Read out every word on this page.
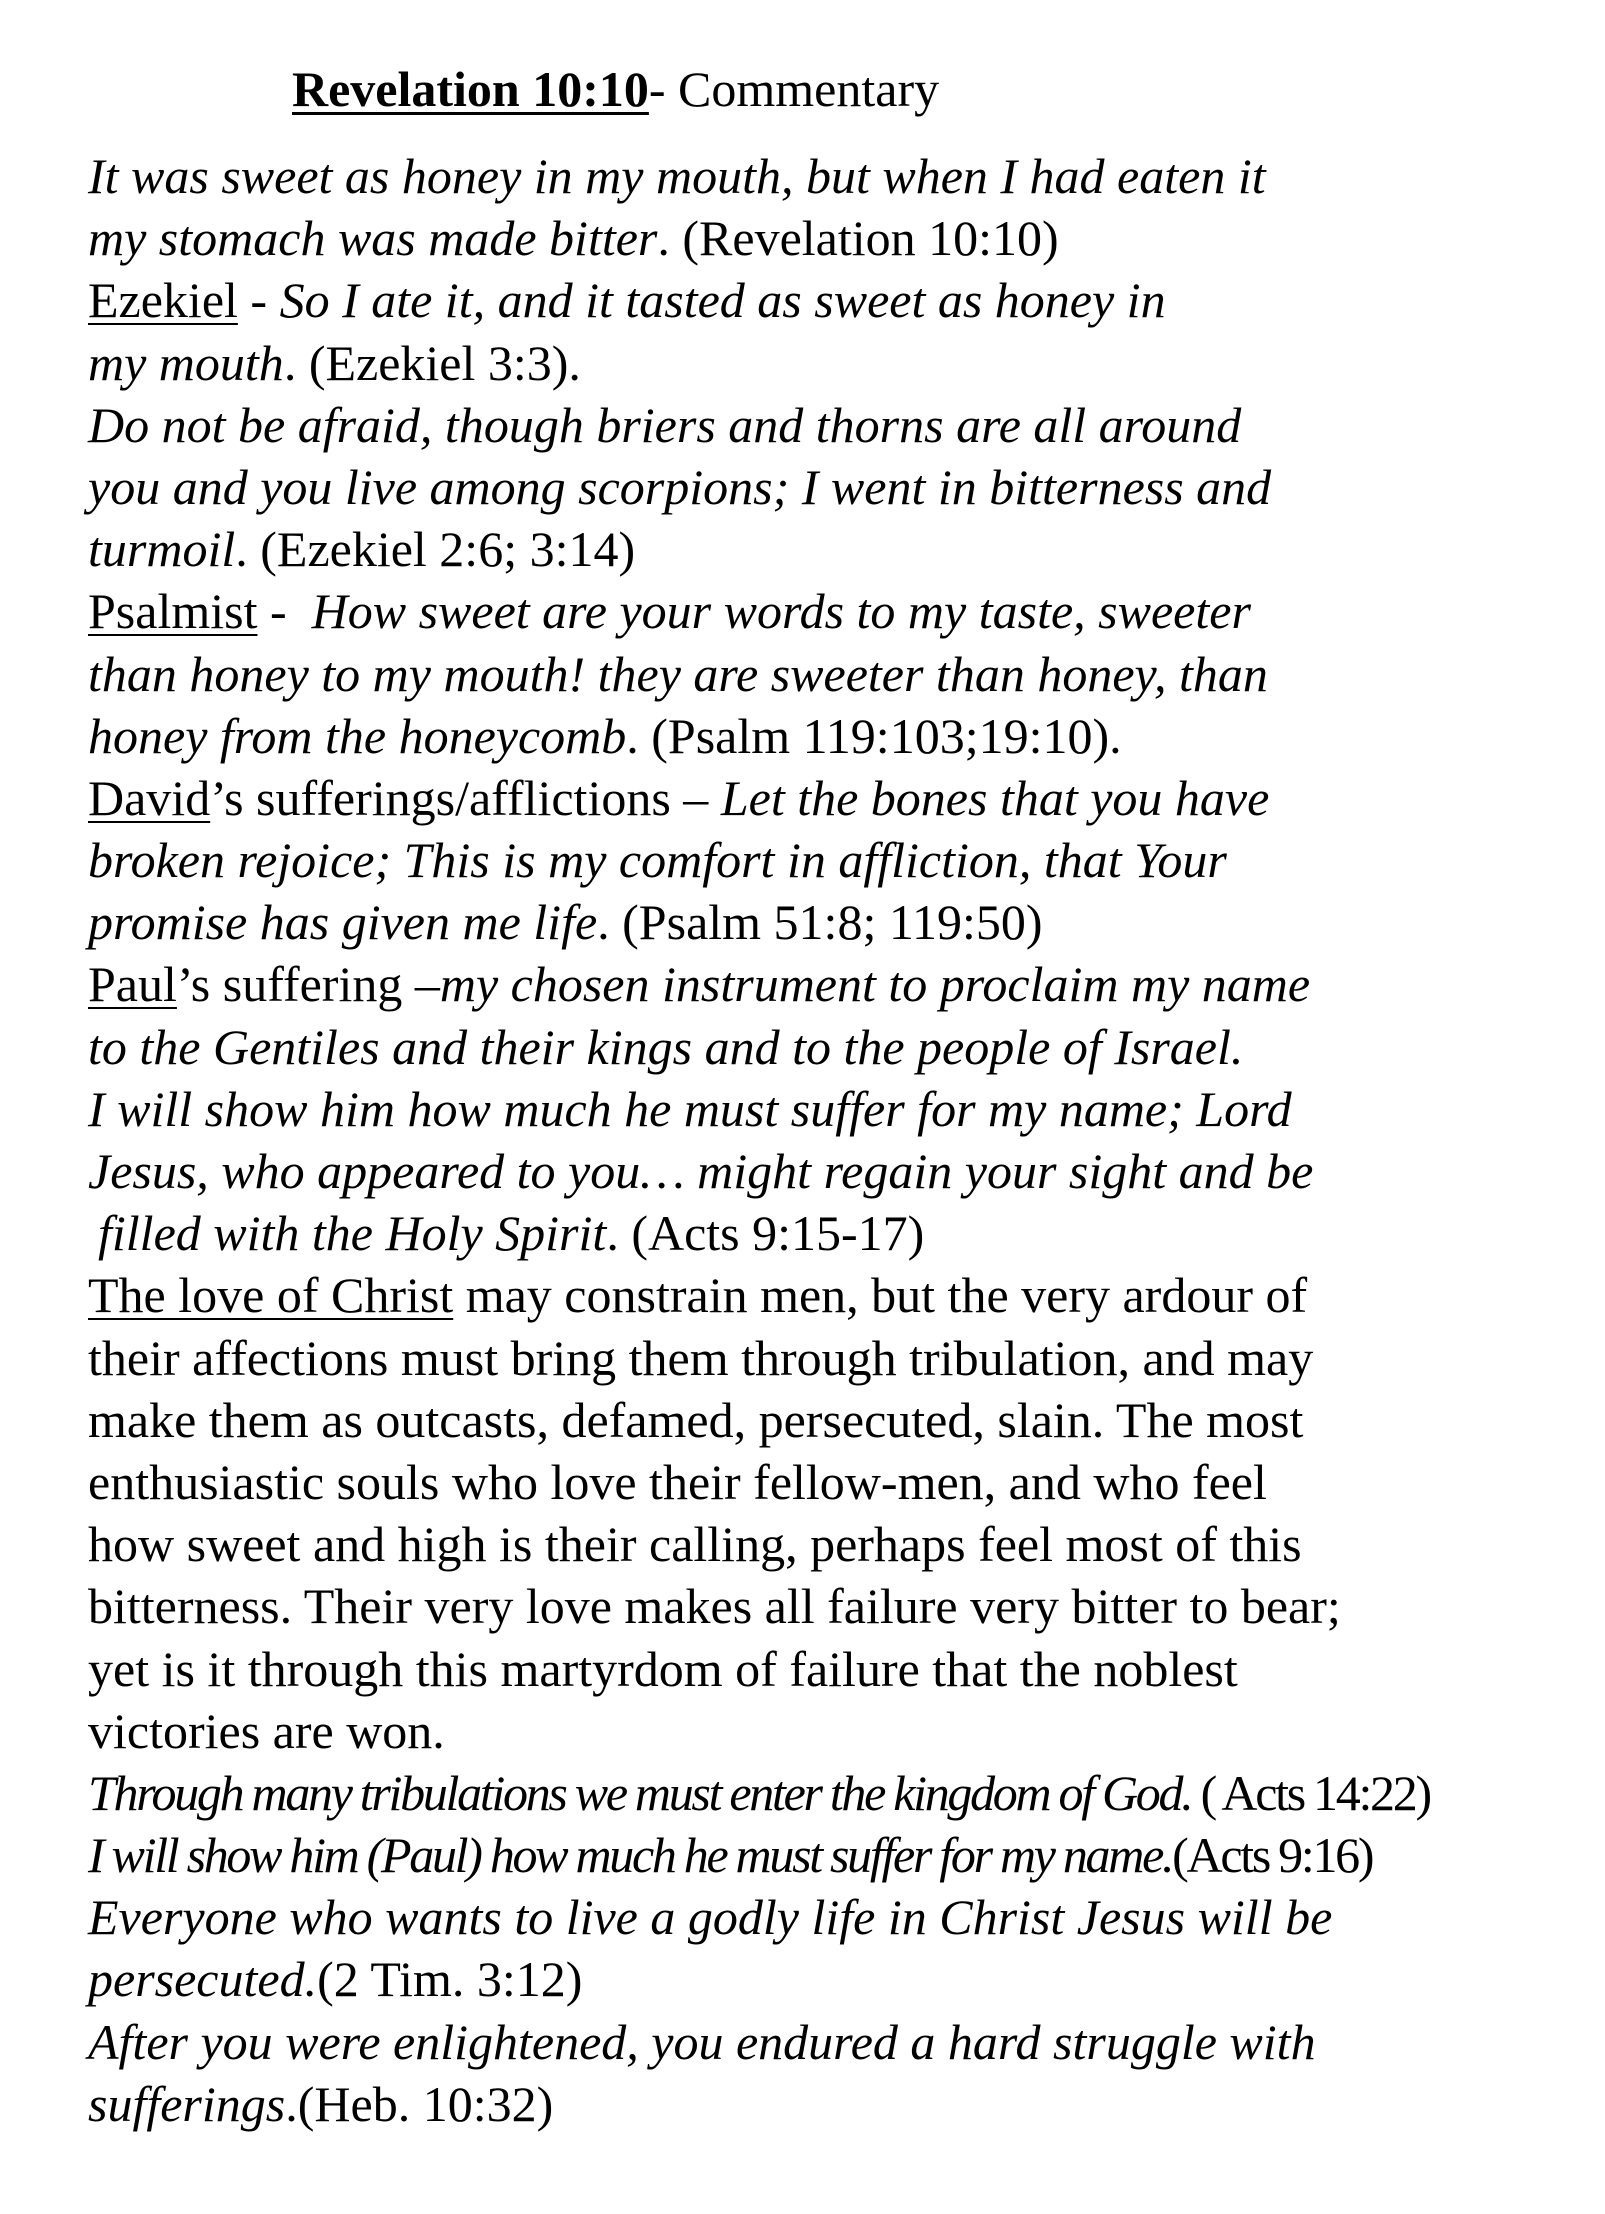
Revelation 10:10- Commentary
It was sweet as honey in my mouth, but when I had eaten it
my stomach was made bitter. (Revelation 10:10)
Ezekiel - So I ate it, and it tasted as sweet as honey in
my mouth. (Ezekiel 3:3).
Do not be afraid, though briers and thorns are all around
you and you live among scorpions; I went in bitterness and
turmoil. (Ezekiel 2:6; 3:14)
Psalmist -  How sweet are your words to my taste, sweeter
than honey to my mouth! they are sweeter than honey, than
honey from the honeycomb. (Psalm 119:103;19:10).
David’s sufferings/afflictions – Let the bones that you have
broken rejoice; This is my comfort in affliction, that Your
promise has given me life. (Psalm 51:8; 119:50)
Paul’s suffering –my chosen instrument to proclaim my name
to the Gentiles and their kings and to the people of Israel.
I will show him how much he must suffer for my name; Lord
Jesus, who appeared to you… might regain your sight and be
filled with the Holy Spirit. (Acts 9:15-17)
The love of Christ may constrain men, but the very ardour of
their affections must bring them through tribulation, and may
make them as outcasts, defamed, persecuted, slain. The most
enthusiastic souls who love their fellow-men, and who feel
how sweet and high is their calling, perhaps feel most of this
bitterness. Their very love makes all failure very bitter to bear;
yet is it through this martyrdom of failure that the noblest
victories are won.
Through many tribulations we must enter the kingdom of God. ( Acts 14:22)
I will show him (Paul) how much he must suffer for my name.(Acts 9:16)
Everyone who wants to live a godly life in Christ Jesus will be
persecuted.(2 Tim. 3:12)
After you were enlightened, you endured a hard struggle with
sufferings.(Heb. 10:32)
